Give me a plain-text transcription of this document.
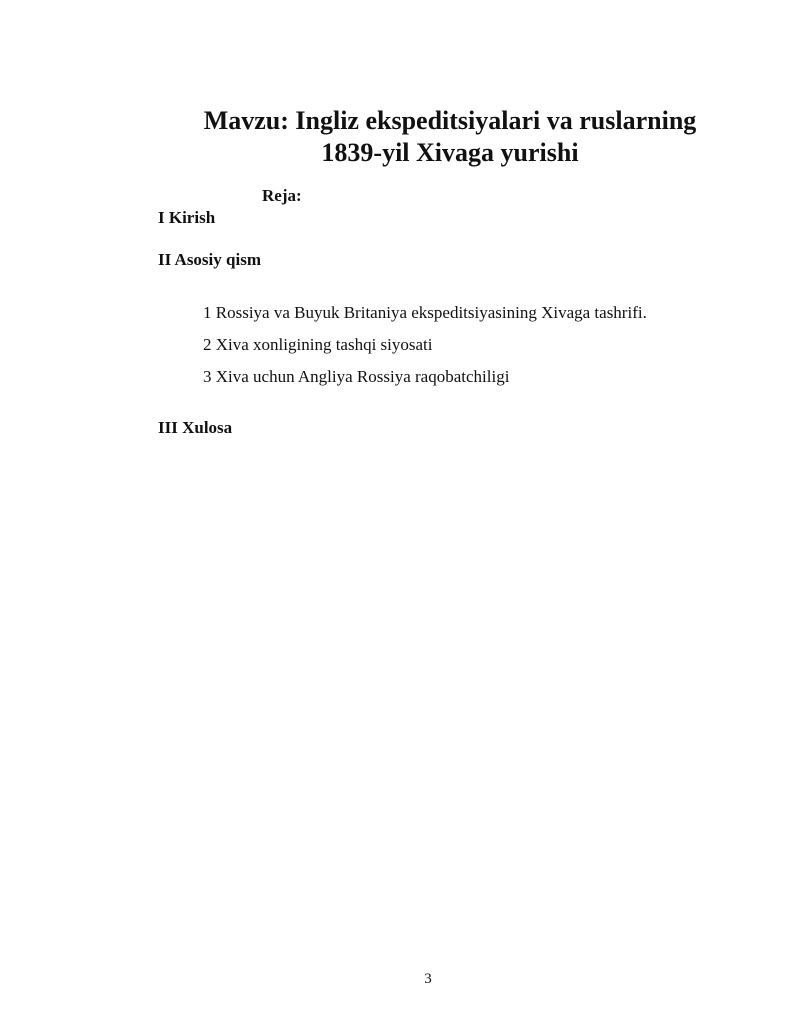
Mavzu: Ingliz ekspeditsiyalari va ruslarning
1839-yil Xivaga yurishi
Reja:
I Kirish
II Asosiy qism
1 Rossiya va Buyuk Britaniya ekspeditsiyasining Xivaga tashrifi.
2 Xiva xonligining tashqi siyosati
3 Xiva uchun Angliya Rossiya raqobatchiligi
III Xulosa
3
